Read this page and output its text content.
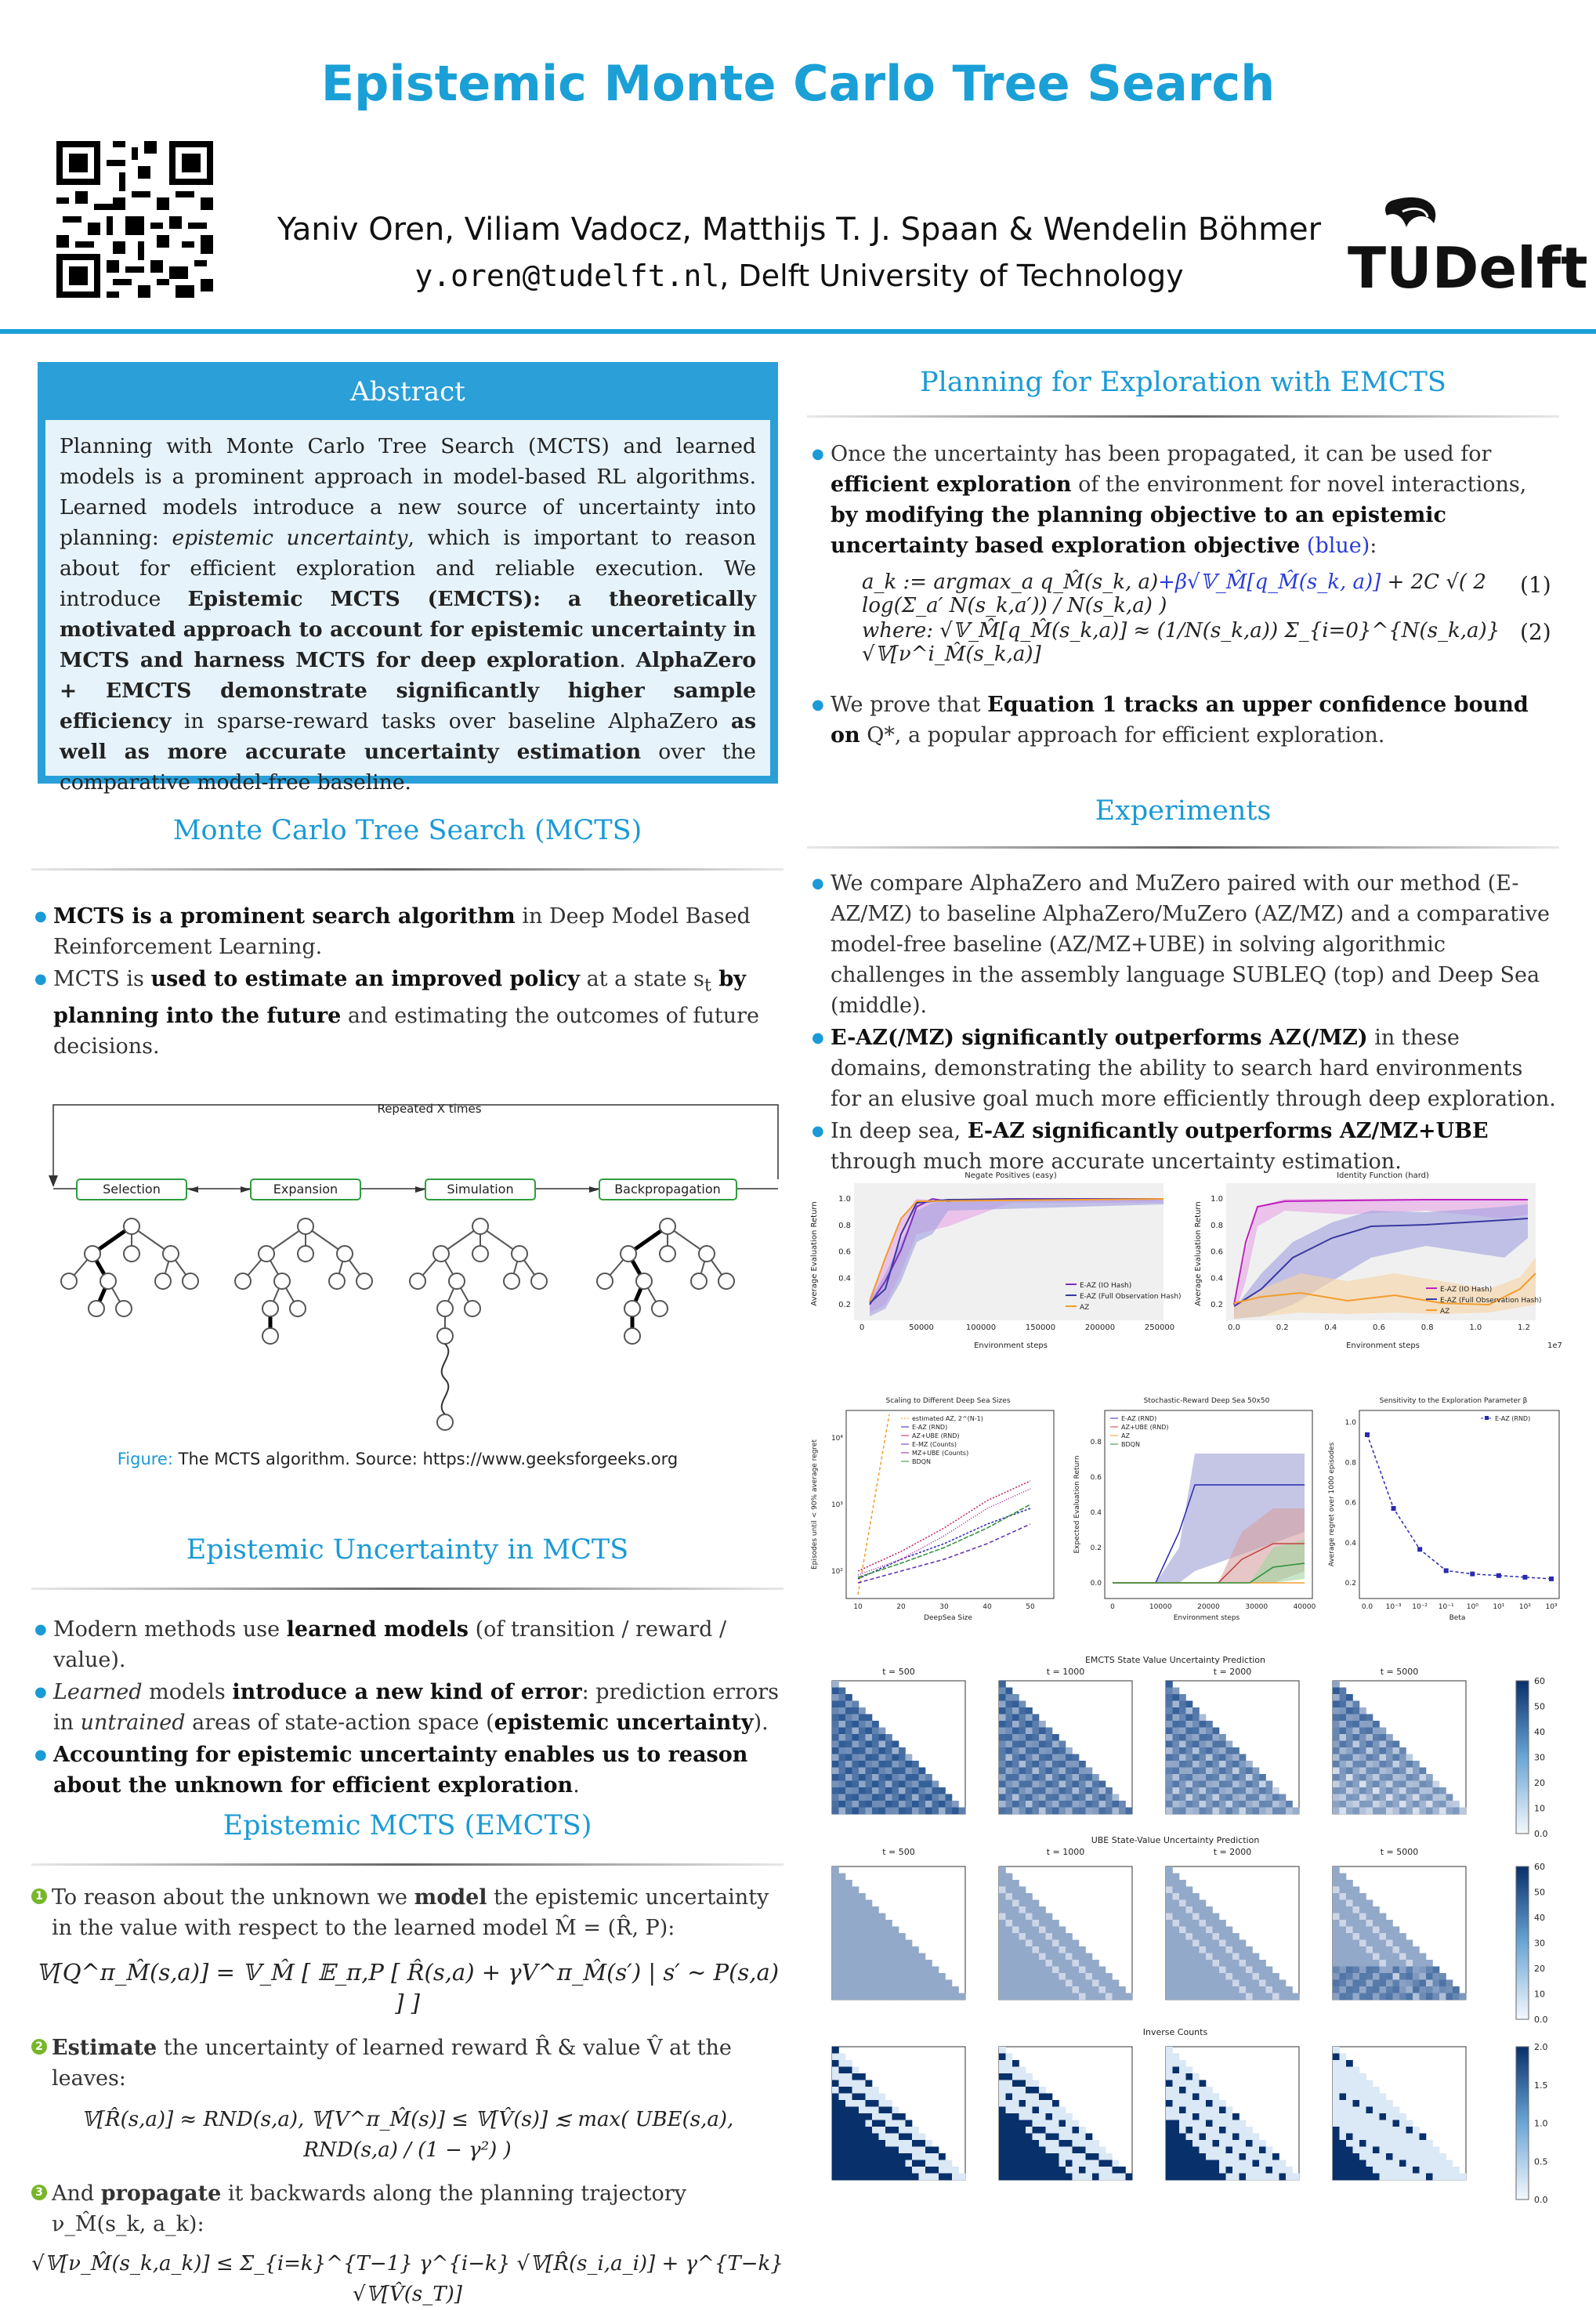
Epistemic Monte Carlo Tree Search
Yaniv Oren, Viliam Vadocz, Matthijs T. J. Spaan & Wendelin Böhmer
y.oren@tudelft.nl, Delft University of Technology	TUDelft
Abstract
Planning with Monte Carlo Tree Search (MCTS) and learned models is a prominent approach in model-based RL algorithms. Learned models introduce a new source of uncertainty into planning: epistemic uncertainty, which is important to reason about for efficient exploration and reliable execution. We introduce Epistemic MCTS (EMCTS): a theoretically motivated approach to account for epistemic uncertainty in MCTS and harness MCTS for deep exploration. AlphaZero + EMCTS demonstrate significantly higher sample efficiency in sparse-reward tasks over baseline AlphaZero as well as more accurate uncertainty estimation over the comparative model-free baseline.
Monte Carlo Tree Search (MCTS)
● MCTS is a prominent search algorithm in Deep Model Based Reinforcement Learning.
● MCTS is used to estimate an improved policy at a state $s_t$ by planning into the future and estimating the outcomes of future decisions.
Repeated X times
Selection	Expansion	Simulation	Backpropagation
Figure: The MCTS algorithm. Source: https://www.geeksforgeeks.org
Epistemic Uncertainty in MCTS
● Modern methods use learned models (of transition / reward / value).
● Learned models introduce a new kind of error: prediction errors in untrained areas of state-action space (epistemic uncertainty).
● Accounting for epistemic uncertainty enables us to reason about the unknown for efficient exploration.
Epistemic MCTS (EMCTS)
1 To reason about the unknown we model the epistemic uncertainty in the value with respect to the learned model M̂ = (R̂, P):
𝕍[Q^π_M̂(s,a)] = 𝕍_M̂ [ 𝔼_π,P [ R̂(s,a) + γV^π_M̂(s′) | s′ ∼ P(s,a) ] ]
2 Estimate the uncertainty of learned reward R̂ & value V̂ at the leaves:
𝕍[R̂(s,a)] ≈ RND(s,a), 𝕍[V^π_M̂(s)] ≤ 𝕍[V̂(s)] ≲ max( UBE(s,a), RND(s,a) / (1 − γ²) )
3 And propagate it backwards along the planning trajectory ν_M̂(s_k, a_k):
√𝕍[ν_M̂(s_k,a_k)] ≤ Σ_{i=k}^{T−1} γ^{i−k} √𝕍[R̂(s_i,a_i)] + γ^{T−k} √𝕍[V̂(s_T)]
Planning for Exploration with EMCTS
● Once the uncertainty has been propagated, it can be used for efficient exploration of the environment for novel interactions, by modifying the planning objective to an epistemic uncertainty based exploration objective (blue):
a_k := argmax_a q_M̂(s_k, a)+β√𝕍_M̂[q_M̂(s_k, a)] + 2C √( 2 log(Σ_a′ N(s_k,a′)) / N(s_k,a) )
(1)
where: √𝕍_M̂[q_M̂(s_k,a)] ≈ (1/N(s_k,a)) Σ_{i=0}^{N(s_k,a)} √𝕍[ν^i_M̂(s_k,a)]
(2)
● We prove that Equation 1 tracks an upper confidence bound on Q*, a popular approach for efficient exploration.
Experiments
● We compare AlphaZero and MuZero paired with our method (E-AZ/MZ) to baseline AlphaZero/MuZero (AZ/MZ) and a comparative model-free baseline (AZ/MZ+UBE) in solving algorithmic challenges in the assembly language SUBLEQ (top) and Deep Sea (middle).
● E-AZ(/MZ) significantly outperforms AZ(/MZ) in these domains, demonstrating the ability to search hard environments for an elusive goal much more efficiently through deep exploration.
● In deep sea, E-AZ significantly outperforms AZ/MZ+UBE through much more accurate uncertainty estimation.
Negate Positives (easy)
0	50000	100000	150000	200000	250000
0.2
0.4
0.6
0.8
1.0
Environment steps
Average Evaluation Return	E-AZ (IO Hash)
E-AZ (Full Observation Hash)
AZ
Identity Function (hard)
Environment steps	1e7
Average Evaluation Return
0.0	0.2	0.4	0.6	0.8	1.0	1.2
0.2
0.4
0.6
0.8
1.0
E-AZ (IO Hash)
E-AZ (Full Observation Hash)
AZ
Scaling to Different Deep Sea Sizes
estimated AZ, 2^(N-1)
E-AZ (RND)
AZ+UBE (RND)
E-MZ (Counts)
MZ+UBE (Counts)
BDQN
10	20	30	40	50
10²
10³
10⁴
DeepSea Size
Episodes until < 90% average regret
Stochastic-Reward Deep Sea 50x50
E-AZ (RND)
AZ+UBE (RND)
AZ
BDQN
0	10000	20000	30000	40000
0.0
0.2
0.4
0.6
0.8
Environment steps
Expected Evaluation Return
Sensitivity to the Exploration Parameter β
E-AZ (RND)
0.0 10⁻³ 10⁻² 10⁻¹ 10⁰ 10¹ 10² 10³
0.2
0.4
0.6
0.8
1.0
Beta
Average regret over 1000 episodes
EMCTS State Value Uncertainty Prediction
t = 500	t = 1000	t = 2000	t = 5000
UBE State-Value Uncertainty Prediction
t = 500	t = 1000	t = 2000	t = 5000
Inverse Counts
60
50
40
30
20
10
0.0
60
50
40
30
20
10
0.0
2.0
1.5
1.0
0.5
0.0
